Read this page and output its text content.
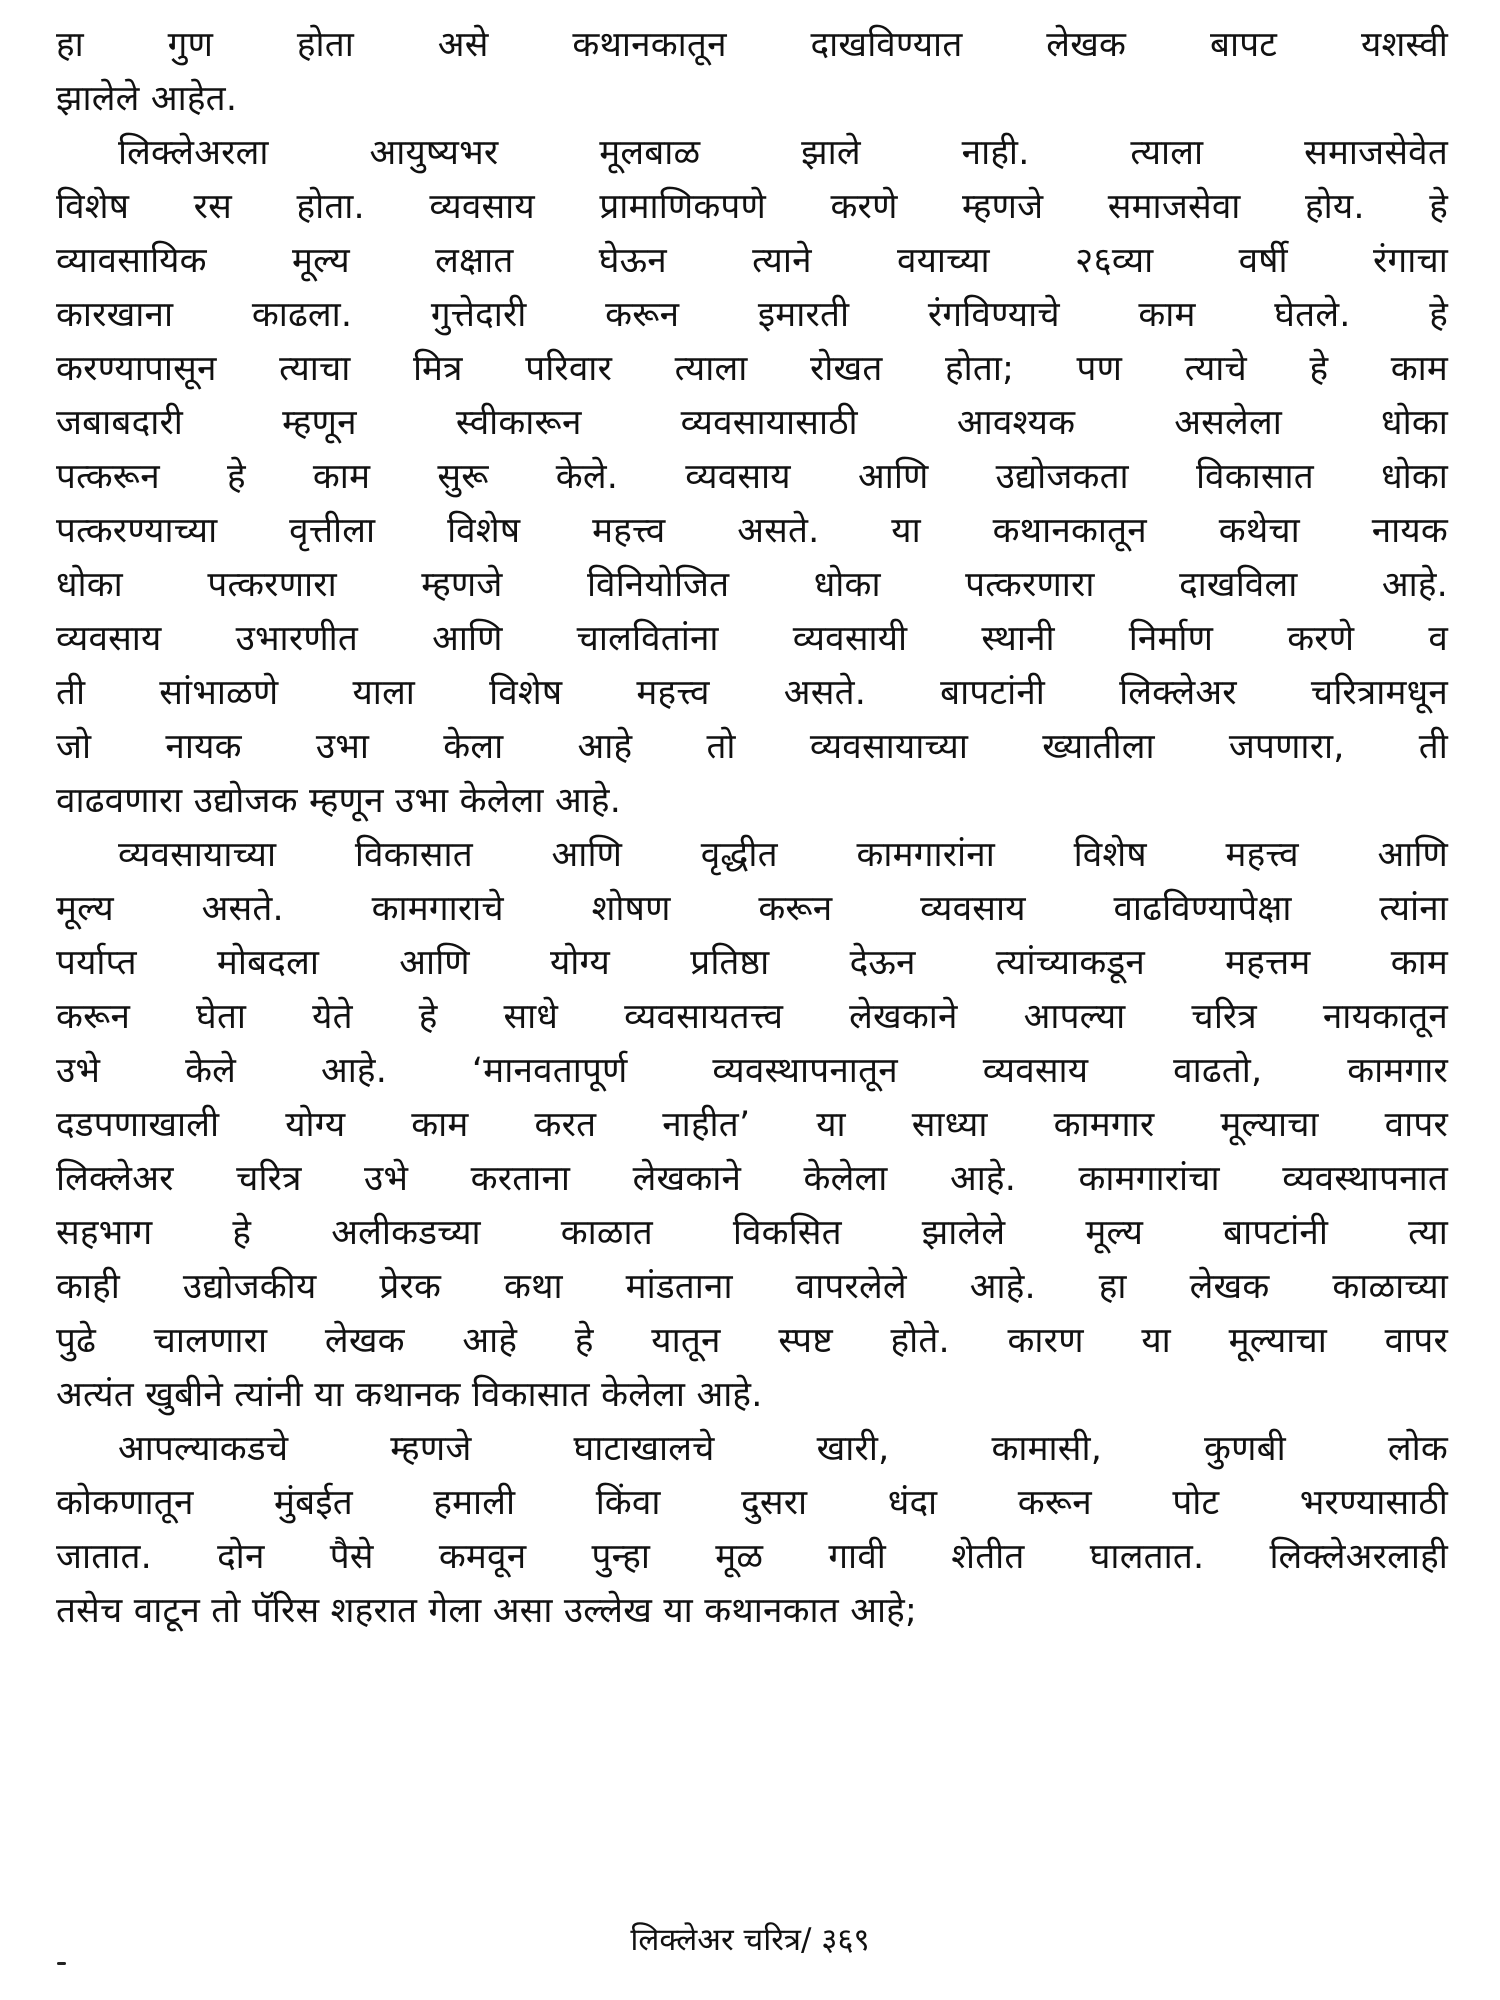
हा गुण होता असे कथानकातून दाखविण्यात लेखक बापट यशस्वी
झालेले आहेत.
लिक्लेअरला आयुष्यभर मूलबाळ झाले नाही. त्याला समाजसेवेत
विशेष रस होता. व्यवसाय प्रामाणिकपणे करणे म्हणजे समाजसेवा होय. हे
व्यावसायिक मूल्य लक्षात घेऊन त्याने वयाच्या २६व्या वर्षी रंगाचा
कारखाना काढला. गुत्तेदारी करून इमारती रंगविण्याचे काम घेतले. हे
करण्यापासून त्याचा मित्र परिवार त्याला रोखत होता; पण त्याचे हे काम
जबाबदारी म्हणून स्वीकारून व्यवसायासाठी आवश्यक असलेला धोका
पत्करून हे काम सुरू केले. व्यवसाय आणि उद्योजकता विकासात धोका
पत्करण्याच्या वृत्तीला विशेष महत्त्व असते. या कथानकातून कथेचा नायक
धोका पत्करणारा म्हणजे विनियोजित धोका पत्करणारा दाखविला आहे.
व्यवसाय उभारणीत आणि चालवितांना व्यवसायी स्थानी निर्माण करणे व
ती सांभाळणे याला विशेष महत्त्व असते. बापटांनी लिक्लेअर चरित्रामधून
जो नायक उभा केला आहे तो व्यवसायाच्या ख्यातीला जपणारा, ती
वाढवणारा उद्योजक म्हणून उभा केलेला आहे.
व्यवसायाच्या विकासात आणि वृद्धीत कामगारांना विशेष महत्त्व आणि
मूल्य असते. कामगाराचे शोषण करून व्यवसाय वाढविण्यापेक्षा त्यांना
पर्याप्त मोबदला आणि योग्य प्रतिष्ठा देऊन त्यांच्याकडून महत्तम काम
करून घेता येते हे साधे व्यवसायतत्त्व लेखकाने आपल्या चरित्र नायकातून
उभे केले आहे. ‘मानवतापूर्ण व्यवस्थापनातून व्यवसाय वाढतो, कामगार
दडपणाखाली योग्य काम करत नाहीत’ या साध्या कामगार मूल्याचा वापर
लिक्लेअर चरित्र उभे करताना लेखकाने केलेला आहे. कामगारांचा व्यवस्थापनात
सहभाग हे अलीकडच्या काळात विकसित झालेले मूल्य बापटांनी त्या
काही उद्योजकीय प्रेरक कथा मांडताना वापरलेले आहे. हा लेखक काळाच्या
पुढे चालणारा लेखक आहे हे यातून स्पष्ट होते. कारण या मूल्याचा वापर
अत्यंत खुबीने त्यांनी या कथानक विकासात केलेला आहे.
आपल्याकडचे म्हणजे घाटाखालचे खारी, कामासी, कुणबी लोक
कोकणातून मुंबईत हमाली किंवा दुसरा धंदा करून पोट भरण्यासाठी
जातात. दोन पैसे कमवून पुन्हा मूळ गावी शेतीत घालतात. लिक्लेअरलाही
तसेच वाटून तो पॅरिस शहरात गेला असा उल्लेख या कथानकात आहे;
लिक्लेअर चरित्र/ ३६९
